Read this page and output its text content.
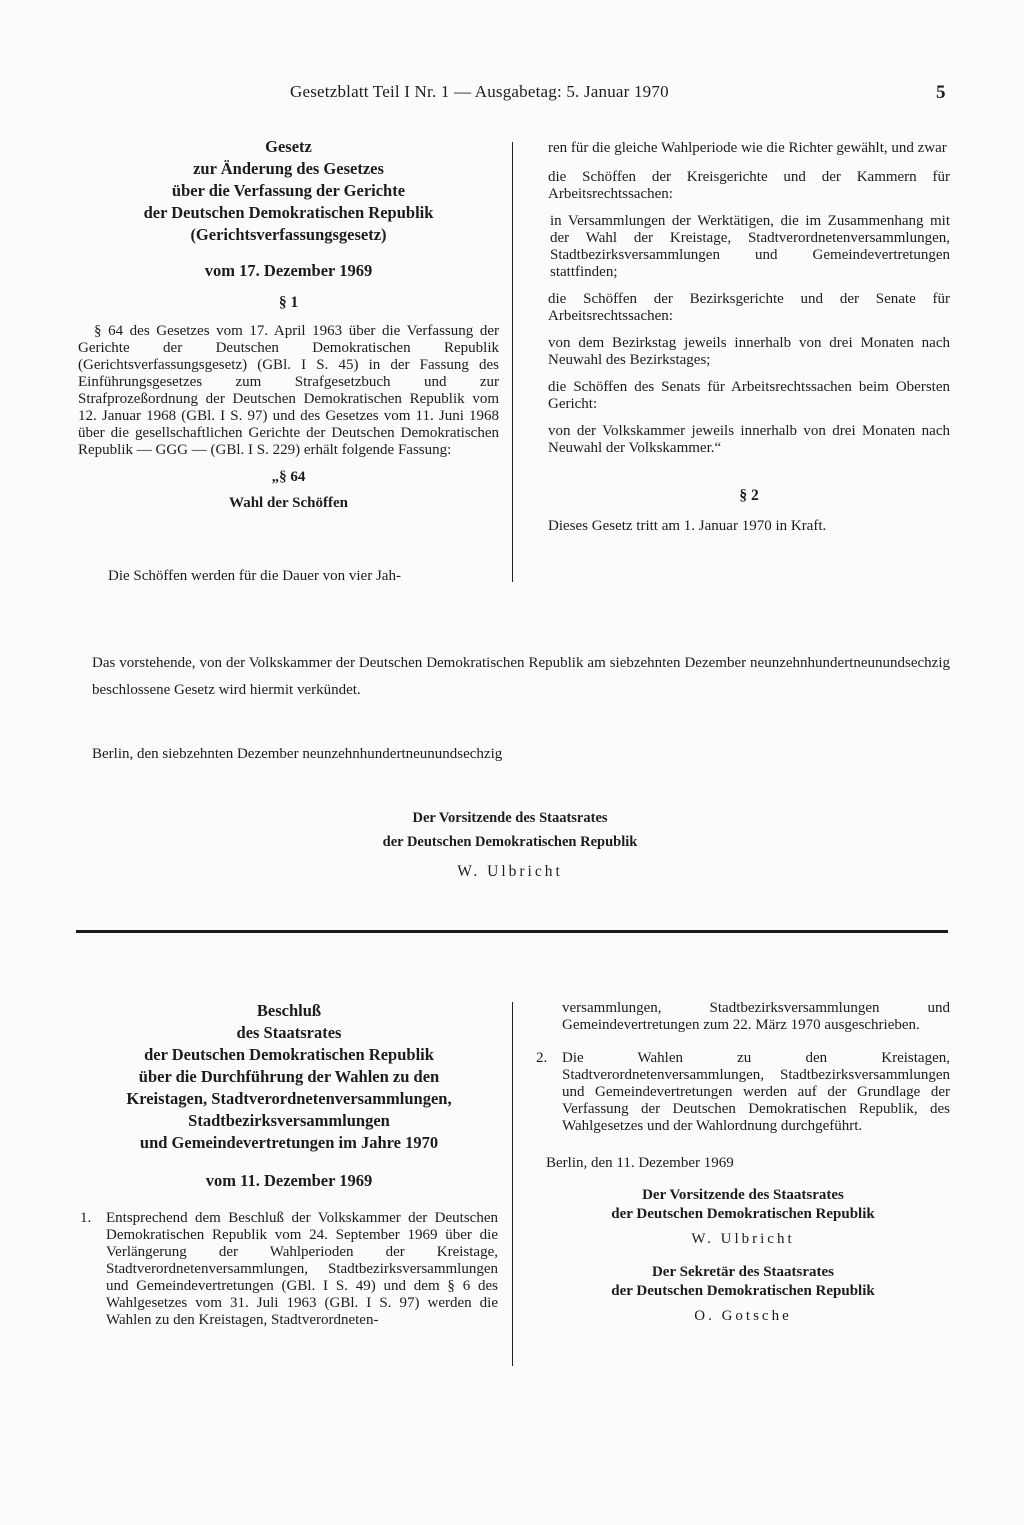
Gesetzblatt Teil I Nr. 1 — Ausgabetag: 5. Januar 1970	5
Gesetz
zur Änderung des Gesetzes
über die Verfassung der Gerichte
der Deutschen Demokratischen Republik
(Gerichtsverfassungsgesetz)
vom 17. Dezember 1969
§ 1

§ 64 des Gesetzes vom 17. April 1963 über die Verfassung der Gerichte der Deutschen Demokratischen Republik (Gerichtsverfassungsgesetz) (GBl. I S. 45) in der Fassung des Einführungsgesetzes zum Strafgesetzbuch und zur Strafprozeßordnung der Deutschen Demokratischen Republik vom 12. Januar 1968 (GBl. I S. 97) und des Gesetzes vom 11. Juni 1968 über die gesellschaftlichen Gerichte der Deutschen Demokratischen Republik — GGG — (GBl. I S. 229) erhält folgende Fassung:

„§ 64
Wahl der Schöffen
Die Schöffen werden für die Dauer von vier Jah-

ren für die gleiche Wahlperiode wie die Richter gewählt, und zwar

die Schöffen der Kreisgerichte und der Kammern für Arbeitsrechtssachen:

in Versammlungen der Werktätigen, die im Zusammenhang mit der Wahl der Kreistage, Stadtverordnetenversammlungen, Stadtbezirksversammlungen und Gemeindevertretungen stattfinden;

die Schöffen der Bezirksgerichte und der Senate für Arbeitsrechtssachen:

von dem Bezirkstag jeweils innerhalb von drei Monaten nach Neuwahl des Bezirkstages;

die Schöffen des Senats für Arbeitsrechtssachen beim Obersten Gericht:

von der Volkskammer jeweils innerhalb von drei Monaten nach Neuwahl der Volkskammer.“

§ 2

Dieses Gesetz tritt am 1. Januar 1970 in Kraft.

Das vorstehende, von der Volkskammer der Deutschen Demokratischen Republik am siebzehnten Dezember neunzehnhundertneunundsechzig beschlossene Gesetz wird hiermit verkündet.
Berlin, den siebzehnten Dezember neunzehnhundertneunundsechzig
Der Vorsitzende des Staatsrates
der Deutschen Demokratischen Republik
W. Ulbricht
Beschluß
des Staatsrates
der Deutschen Demokratischen Republik
über die Durchführung der Wahlen zu den
Kreistagen, Stadtverordnetenversammlungen,
Stadtbezirksversammlungen
und Gemeindevertretungen im Jahre 1970
vom 11. Dezember 1969
1. Entsprechend dem Beschluß der Volkskammer der Deutschen Demokratischen Republik vom 24. September 1969 über die Verlängerung der Wahlperioden der Kreistage, Stadtverordnetenversammlungen, Stadtbezirksversammlungen und Gemeindevertretungen (GBl. I S. 49) und dem § 6 des Wahlgesetzes vom 31. Juli 1963 (GBl. I S. 97) werden die Wahlen zu den Kreistagen, Stadtverordneten-
versammlungen, Stadtbezirksversammlungen und Gemeindevertretungen zum 22. März 1970 ausgeschrieben.
2. Die Wahlen zu den Kreistagen, Stadtverordnetenversammlungen, Stadtbezirksversammlungen und Gemeindevertretungen werden auf der Grundlage der Verfassung der Deutschen Demokratischen Republik, des Wahlgesetzes und der Wahlordnung durchgeführt.
Berlin, den 11. Dezember 1969
Der Vorsitzende des Staatsrates
der Deutschen Demokratischen Republik
W. Ulbricht
Der Sekretär des Staatsrates
der Deutschen Demokratischen Republik
O. Gotsche
